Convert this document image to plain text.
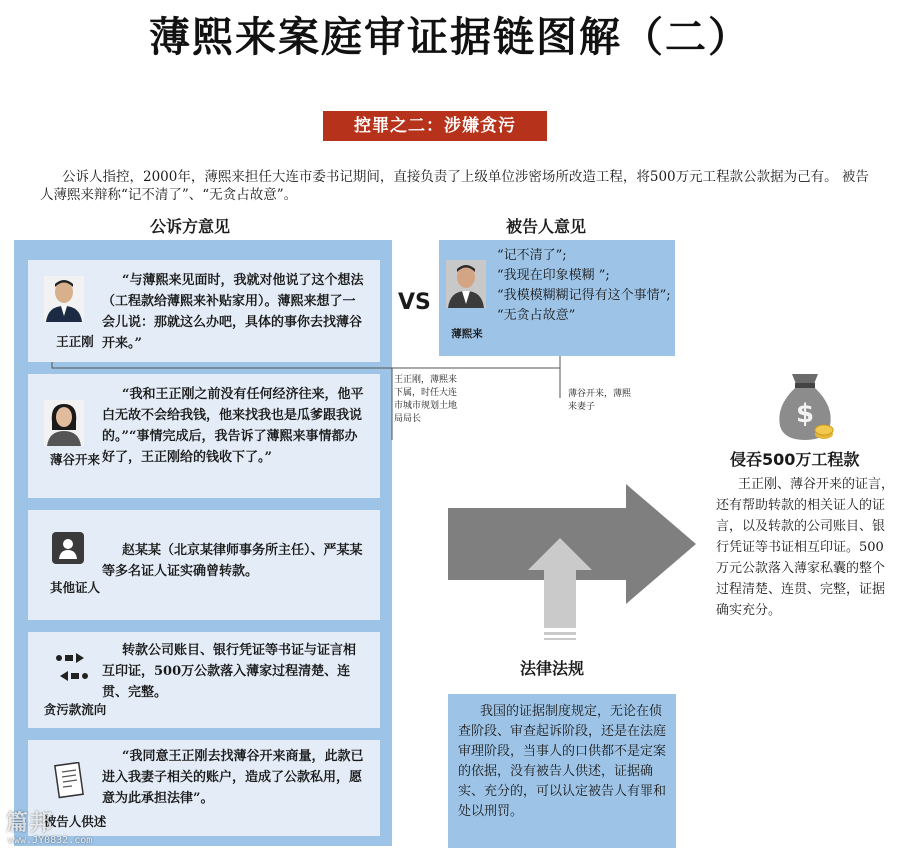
薄熙来案庭审证据链图解（二）
控罪之二：涉嫌贪污
公诉人指控，2000年，薄熙来担任大连市委书记期间，直接负责了上级单位涉密场所改造工程，将500万元工程款公款据为己有。 被告人薄熙来辩称“记不清了”、“无贪占故意”。
公诉方意见	被告人意见
王正刚
“与薄熙来见面时，我就对他说了这个想法（工程款给薄熙来补贴家用）。薄熙来想了一会儿说：那就这么办吧，具体的事你去找薄谷开来。”
薄谷开来
“我和王正刚之前没有任何经济往来，他平白无故不会给我钱，他来找我也是瓜爹跟我说的。”“事情完成后，我告诉了薄熙来事情都办好了，王正刚给的钱收下了。”
其他证人
赵某某（北京某律师事务所主任）、严某某等多名证人证实确曾转款。
贪污款流向
转款公司账目、银行凭证等书证与证言相互印证，500万公款落入薄家过程清楚、连贯、完整。
被告人供述
“我同意王正刚去找薄谷开来商量，此款已进入我妻子相关的账户，造成了公款私用，愿意为此承担法律”。
VS
薄熙来
“记不清了”;
“我现在印象模糊 ”;
“我模模糊糊记得有这个事情”;
“无贪占故意”
王正刚，薄熙来下属，时任大连市城市规划土地局局长
薄谷开来，薄熙来妻子
法律法规
我国的证据制度规定，无论在侦查阶段、审查起诉阶段，还是在法庭审理阶段，当事人的口供都不是定案的依据，没有被告人供述，证据确实、充分的，可以认定被告人有罪和处以刑罚。
$
侵吞500万工程款
王正刚、薄谷开来的证言，还有帮助转款的相关证人的证言，以及转款的公司账目、银行凭证等书证相互印证。500万元公款落入薄家私囊的整个过程清楚、连贯、完整，证据确实充分。
篇邦
www.JY0832.com
